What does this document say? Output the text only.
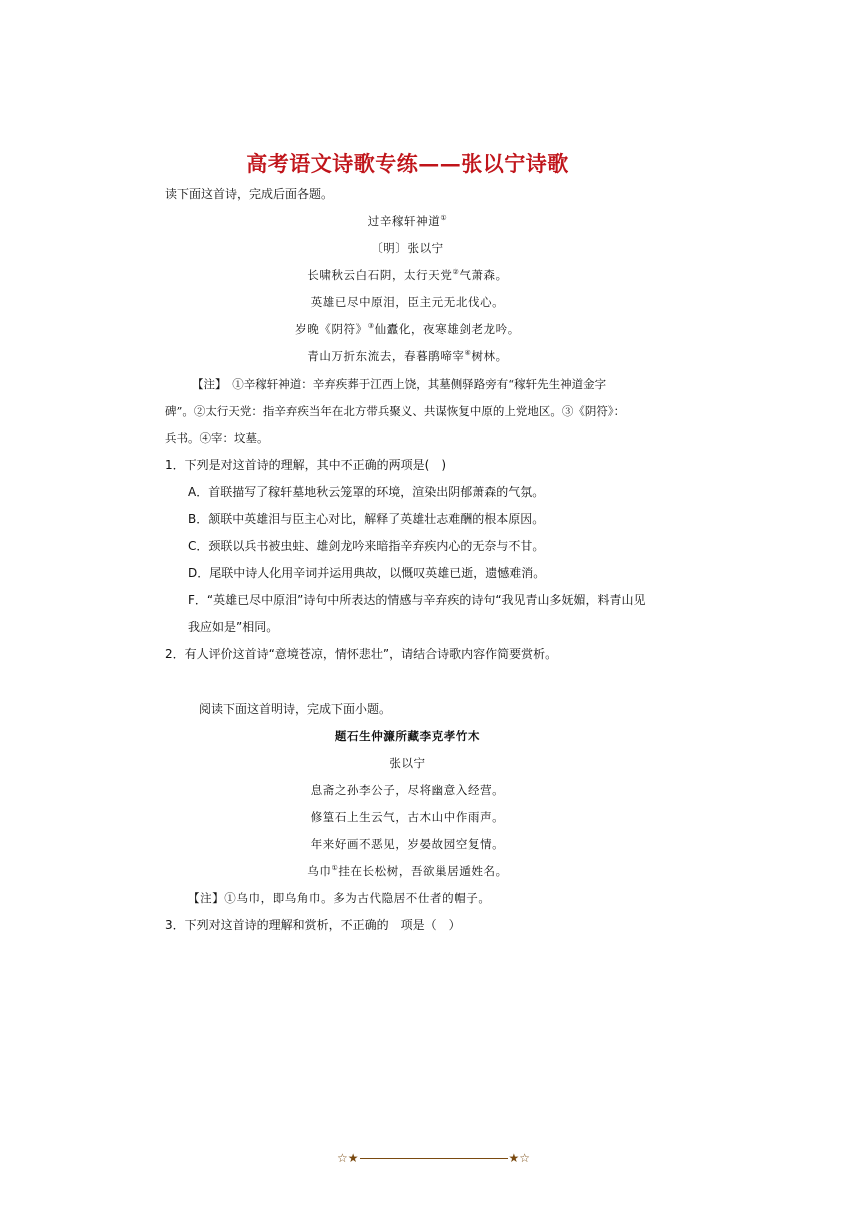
高考语文诗歌专练——张以宁诗歌
读下面这首诗，完成后面各题。
过辛稼轩神道①
〔明〕张以宁
长啸秋云白石阴，太行天党②气萧森。
英雄已尽中原泪，臣主元无北伐心。
岁晚《阴符》③仙蠹化，夜寒雄剑老龙吟。
青山万折东流去，春暮鹃啼宰④树林。
【注】　①辛稼轩神道：辛弃疾葬于江西上饶，其墓侧驿路旁有“稼轩先生神道金字
碑”。②太行天党：指辛弃疾当年在北方带兵聚义、共谋恢复中原的上党地区。③《阴符》：
兵书。④宰：坟墓。
1．下列是对这首诗的理解，其中不正确的两项是(　)
A．首联描写了稼轩墓地秋云笼罩的环境，渲染出阴郁萧森的气氛。
B．颔联中英雄泪与臣主心对比，解释了英雄壮志难酬的根本原因。
C．颈联以兵书被虫蛀、雄剑龙吟来暗指辛弃疾内心的无奈与不甘。
D．尾联中诗人化用辛词并运用典故，以慨叹英雄已逝，遗憾难消。
F．“英雄已尽中原泪”诗句中所表达的情感与辛弃疾的诗句“我见青山多妩媚，料青山见
我应如是”相同。
2．有人评价这首诗“意境苍凉，情怀悲壮”，请结合诗歌内容作简要赏析。
阅读下面这首明诗，完成下面小题。
题石生仲濂所藏李克孝竹木
张以宁
息斋之孙李公子，尽将幽意入经营。
修篁石上生云气，古木山中作雨声。
年来好画不恶见，岁晏故园空复情。
乌巾①挂在长松树，吾欲巢居遁姓名。
【注】①乌巾，即乌角巾。多为古代隐居不仕者的帽子。
3．下列对这首诗的理解和赏析，不正确的　项是（　）
☆★	★☆
